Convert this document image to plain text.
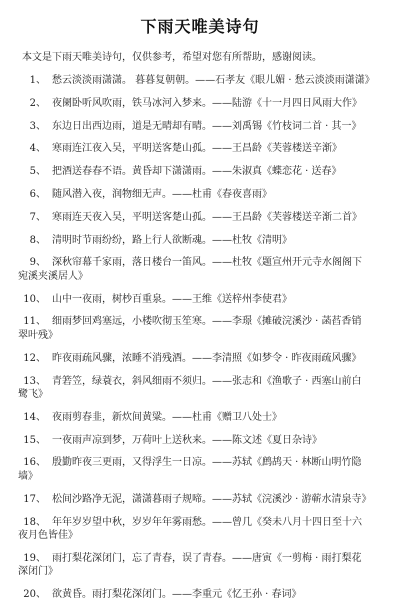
下雨天唯美诗句
本文是下雨天唯美诗句，仅供参考，希望对您有所帮助，感谢阅读。
1、 愁云淡淡雨潇潇。 暮暮复朝朝。——石孝友《眼儿媚 · 愁云淡淡雨潇潇》
2、 夜阑卧听风吹雨，铁马冰河入梦来。——陆游《十一月四日风雨大作》
3、 东边日出西边雨，道是无晴却有晴。——刘禹锡《竹枝词二首 · 其一》
4、 寒雨连江夜入吴，平明送客楚山孤。——王昌龄《芙蓉楼送辛渐》
5、 把酒送春春不语。黄昏却下潇潇雨。——朱淑真《蝶恋花 · 送春》
6、 随风潜入夜，润物细无声。——杜甫《春夜喜雨》
7、 寒雨连天夜入吴，平明送客楚山孤。——王昌龄《芙蓉楼送辛渐二首》
8、 清明时节雨纷纷，路上行人欲断魂。——杜牧《清明》
9、 深秋帘幕千家雨，落日楼台一笛风。——杜牧《题宣州开元寺水阁阁下
宛溪夹溪居人》
10、 山中一夜雨，树杪百重泉。——王维《送梓州李使君》
11、 细雨梦回鸡塞远，小楼吹彻玉笙寒。——李璟《摊破浣溪沙 · 菡萏香销
翠叶残》
12、 昨夜雨疏风骤，浓睡不消残酒。——李清照《如梦令 · 昨夜雨疏风骤》
13、 青箬笠，绿蓑衣，斜风细雨不须归。——张志和《渔歌子 · 西塞山前白
鹭飞》
14、 夜雨剪春韭，新炊间黄粱。——杜甫《赠卫八处士》
15、 一夜雨声凉到梦，万荷叶上送秋来。——陈文述《夏日杂诗》
16、 殷勤昨夜三更雨，又得浮生一日凉。——苏轼《鹧鸪天 · 林断山明竹隐
墙》
17、 松间沙路净无泥，潇潇暮雨子规啼。——苏轼《浣溪沙 · 游蕲水清泉寺》
18、 年年岁岁望中秋，岁岁年年雾雨愁。——曾几《癸未八月十四日至十六
夜月色皆佳》
19、 雨打梨花深闭门，忘了青春，误了青春。——唐寅《一剪梅 · 雨打梨花
深闭门》
20、 欲黄昏。雨打梨花深闭门。——李重元《忆王孙 · 春词》
